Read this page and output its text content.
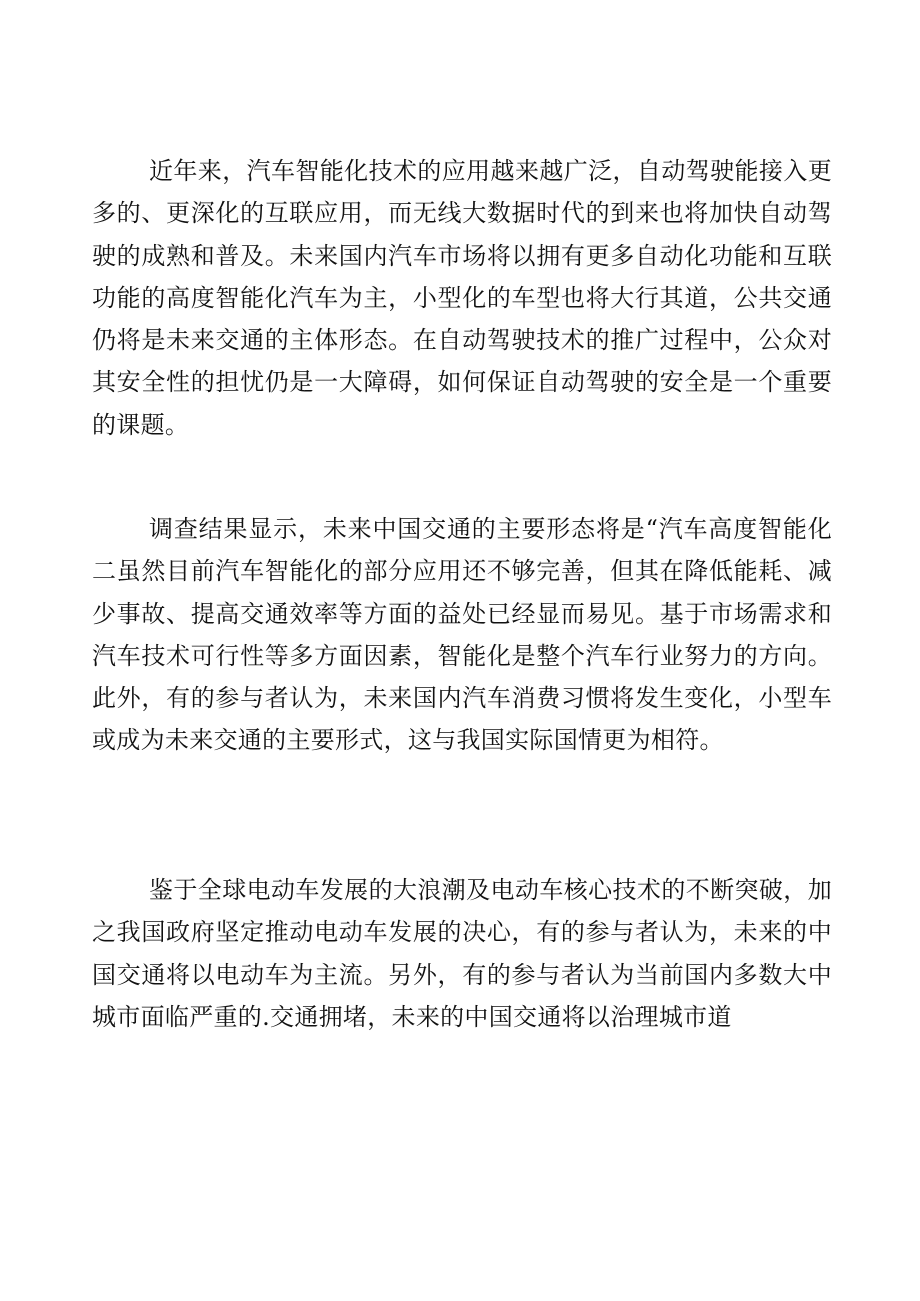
近年来，汽车智能化技术的应用越来越广泛，自动驾驶能接入更多的、更深化的互联应用，而无线大数据时代的到来也将加快自动驾驶的成熟和普及。未来国内汽车市场将以拥有更多自动化功能和互联功能的高度智能化汽车为主，小型化的车型也将大行其道，公共交通仍将是未来交通的主体形态。在自动驾驶技术的推广过程中，公众对其安全性的担忧仍是一大障碍，如何保证自动驾驶的安全是一个重要的课题。

调查结果显示，未来中国交通的主要形态将是“汽车高度智能化二虽然目前汽车智能化的部分应用还不够完善，但其在降低能耗、减少事故、提高交通效率等方面的益处已经显而易见。基于市场需求和汽车技术可行性等多方面因素，智能化是整个汽车行业努力的方向。此外，有的参与者认为，未来国内汽车消费习惯将发生变化，小型车或成为未来交通的主要形式，这与我国实际国情更为相符。

鉴于全球电动车发展的大浪潮及电动车核心技术的不断突破，加之我国政府坚定推动电动车发展的决心，有的参与者认为，未来的中国交通将以电动车为主流。另外，有的参与者认为当前国内多数大中城市面临严重的.交通拥堵，未来的中国交通将以治理城市道
